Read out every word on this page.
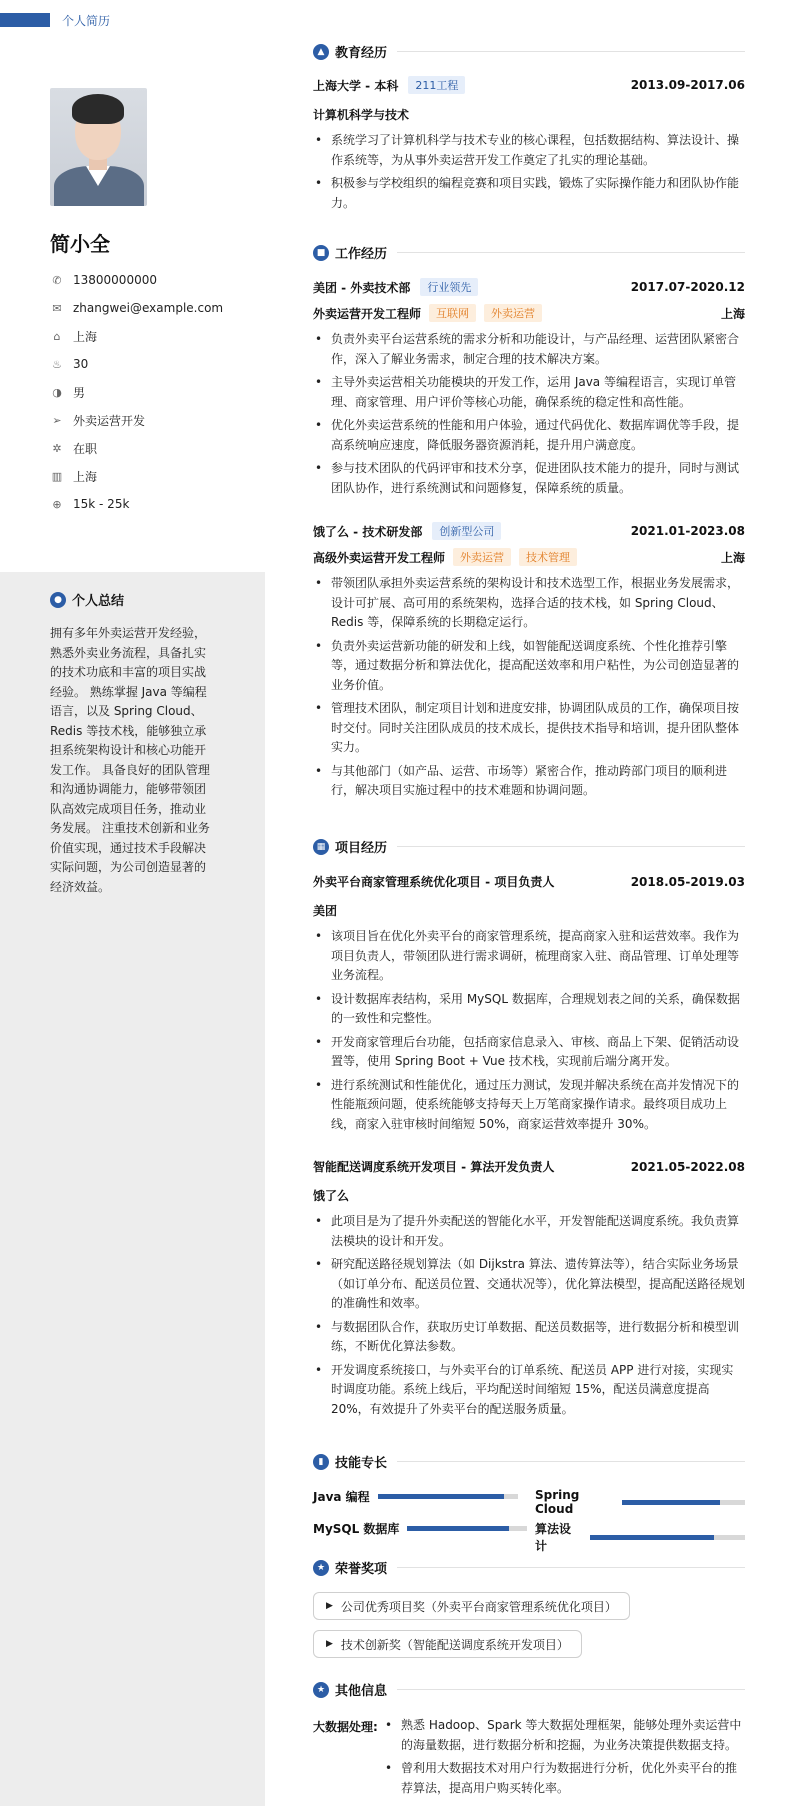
个人简历
简小全
✆ 13800000000
✉ zhangwei@example.com
⌂ 上海
♨ 30
◑ 男
➢ 外卖运营开发
✲ 在职
▥ 上海
⊕ 15k - 25k
● 个人总结
拥有多年外卖运营开发经验，熟悉外卖业务流程，具备扎实的技术功底和丰富的项目实战经验。 熟练掌握 Java 等编程语言，以及 Spring Cloud、Redis 等技术栈，能够独立承担系统架构设计和核心功能开发工作。 具备良好的团队管理和沟通协调能力，能够带领团队高效完成项目任务，推动业务发展。 注重技术创新和业务价值实现，通过技术手段解决实际问题，为公司创造显著的经济效益。
▲ 教育经历
上海大学 - 本科	211工程	2013.09-2017.06
计算机科学与技术
• 系统学习了计算机科学与技术专业的核心课程，包括数据结构、算法设计、操作系统等，为从事外卖运营开发工作奠定了扎实的理论基础。
• 积极参与学校组织的编程竞赛和项目实践，锻炼了实际操作能力和团队协作能力。
■ 工作经历
美团 - 外卖技术部	行业领先	2017.07-2020.12
外卖运营开发工程师	互联网	外卖运营	上海
• 负责外卖平台运营系统的需求分析和功能设计，与产品经理、运营团队紧密合作，深入了解业务需求，制定合理的技术解决方案。
• 主导外卖运营相关功能模块的开发工作，运用 Java 等编程语言，实现订单管理、商家管理、用户评价等核心功能，确保系统的稳定性和高性能。
• 优化外卖运营系统的性能和用户体验，通过代码优化、数据库调优等手段，提高系统响应速度，降低服务器资源消耗，提升用户满意度。
• 参与技术团队的代码评审和技术分享，促进团队技术能力的提升，同时与测试团队协作，进行系统测试和问题修复，保障系统的质量。
饿了么 - 技术研发部	创新型公司	2021.01-2023.08
高级外卖运营开发工程师	外卖运营	技术管理	上海
• 带领团队承担外卖运营系统的架构设计和技术选型工作，根据业务发展需求，设计可扩展、高可用的系统架构，选择合适的技术栈，如 Spring Cloud、Redis 等，保障系统的长期稳定运行。
• 负责外卖运营新功能的研发和上线，如智能配送调度系统、个性化推荐引擎等，通过数据分析和算法优化，提高配送效率和用户粘性，为公司创造显著的业务价值。
• 管理技术团队，制定项目计划和进度安排，协调团队成员的工作，确保项目按时交付。同时关注团队成员的技术成长，提供技术指导和培训，提升团队整体实力。
• 与其他部门（如产品、运营、市场等）紧密合作，推动跨部门项目的顺利进行，解决项目实施过程中的技术难题和协调问题。
▦ 项目经历
外卖平台商家管理系统优化项目 - 项目负责人	2018.05-2019.03
美团
• 该项目旨在优化外卖平台的商家管理系统，提高商家入驻和运营效率。我作为项目负责人，带领团队进行需求调研，梳理商家入驻、商品管理、订单处理等业务流程。
• 设计数据库表结构，采用 MySQL 数据库，合理规划表之间的关系，确保数据的一致性和完整性。
• 开发商家管理后台功能，包括商家信息录入、审核、商品上下架、促销活动设置等，使用 Spring Boot + Vue 技术栈，实现前后端分离开发。
• 进行系统测试和性能优化，通过压力测试，发现并解决系统在高并发情况下的性能瓶颈问题，使系统能够支持每天上万笔商家操作请求。最终项目成功上线，商家入驻审核时间缩短 50%，商家运营效率提升 30%。
智能配送调度系统开发项目 - 算法开发负责人	2021.05-2022.08
饿了么
• 此项目是为了提升外卖配送的智能化水平，开发智能配送调度系统。我负责算法模块的设计和开发。
• 研究配送路径规划算法（如 Dijkstra 算法、遗传算法等），结合实际业务场景（如订单分布、配送员位置、交通状况等），优化算法模型，提高配送路径规划的准确性和效率。
• 与数据团队合作，获取历史订单数据、配送员数据等，进行数据分析和模型训练，不断优化算法参数。
• 开发调度系统接口，与外卖平台的订单系统、配送员 APP 进行对接，实现实时调度功能。系统上线后，平均配送时间缩短 15%，配送员满意度提高 20%，有效提升了外卖平台的配送服务质量。
▮ 技能专长
Java 编程	Spring Cloud
MySQL 数据库	算法设计
★ 荣誉奖项
▶ 公司优秀项目奖（外卖平台商家管理系统优化项目）
▶ 技术创新奖（智能配送调度系统开发项目）
★ 其他信息
大数据处理:
•	熟悉 Hadoop、Spark 等大数据处理框架，能够处理外卖运营中的海量数据，进行数据分析和挖掘，为业务决策提供数据支持。
• 曾利用大数据技术对用户行为数据进行分析，优化外卖平台的推荐算法，提高用户购买转化率。
